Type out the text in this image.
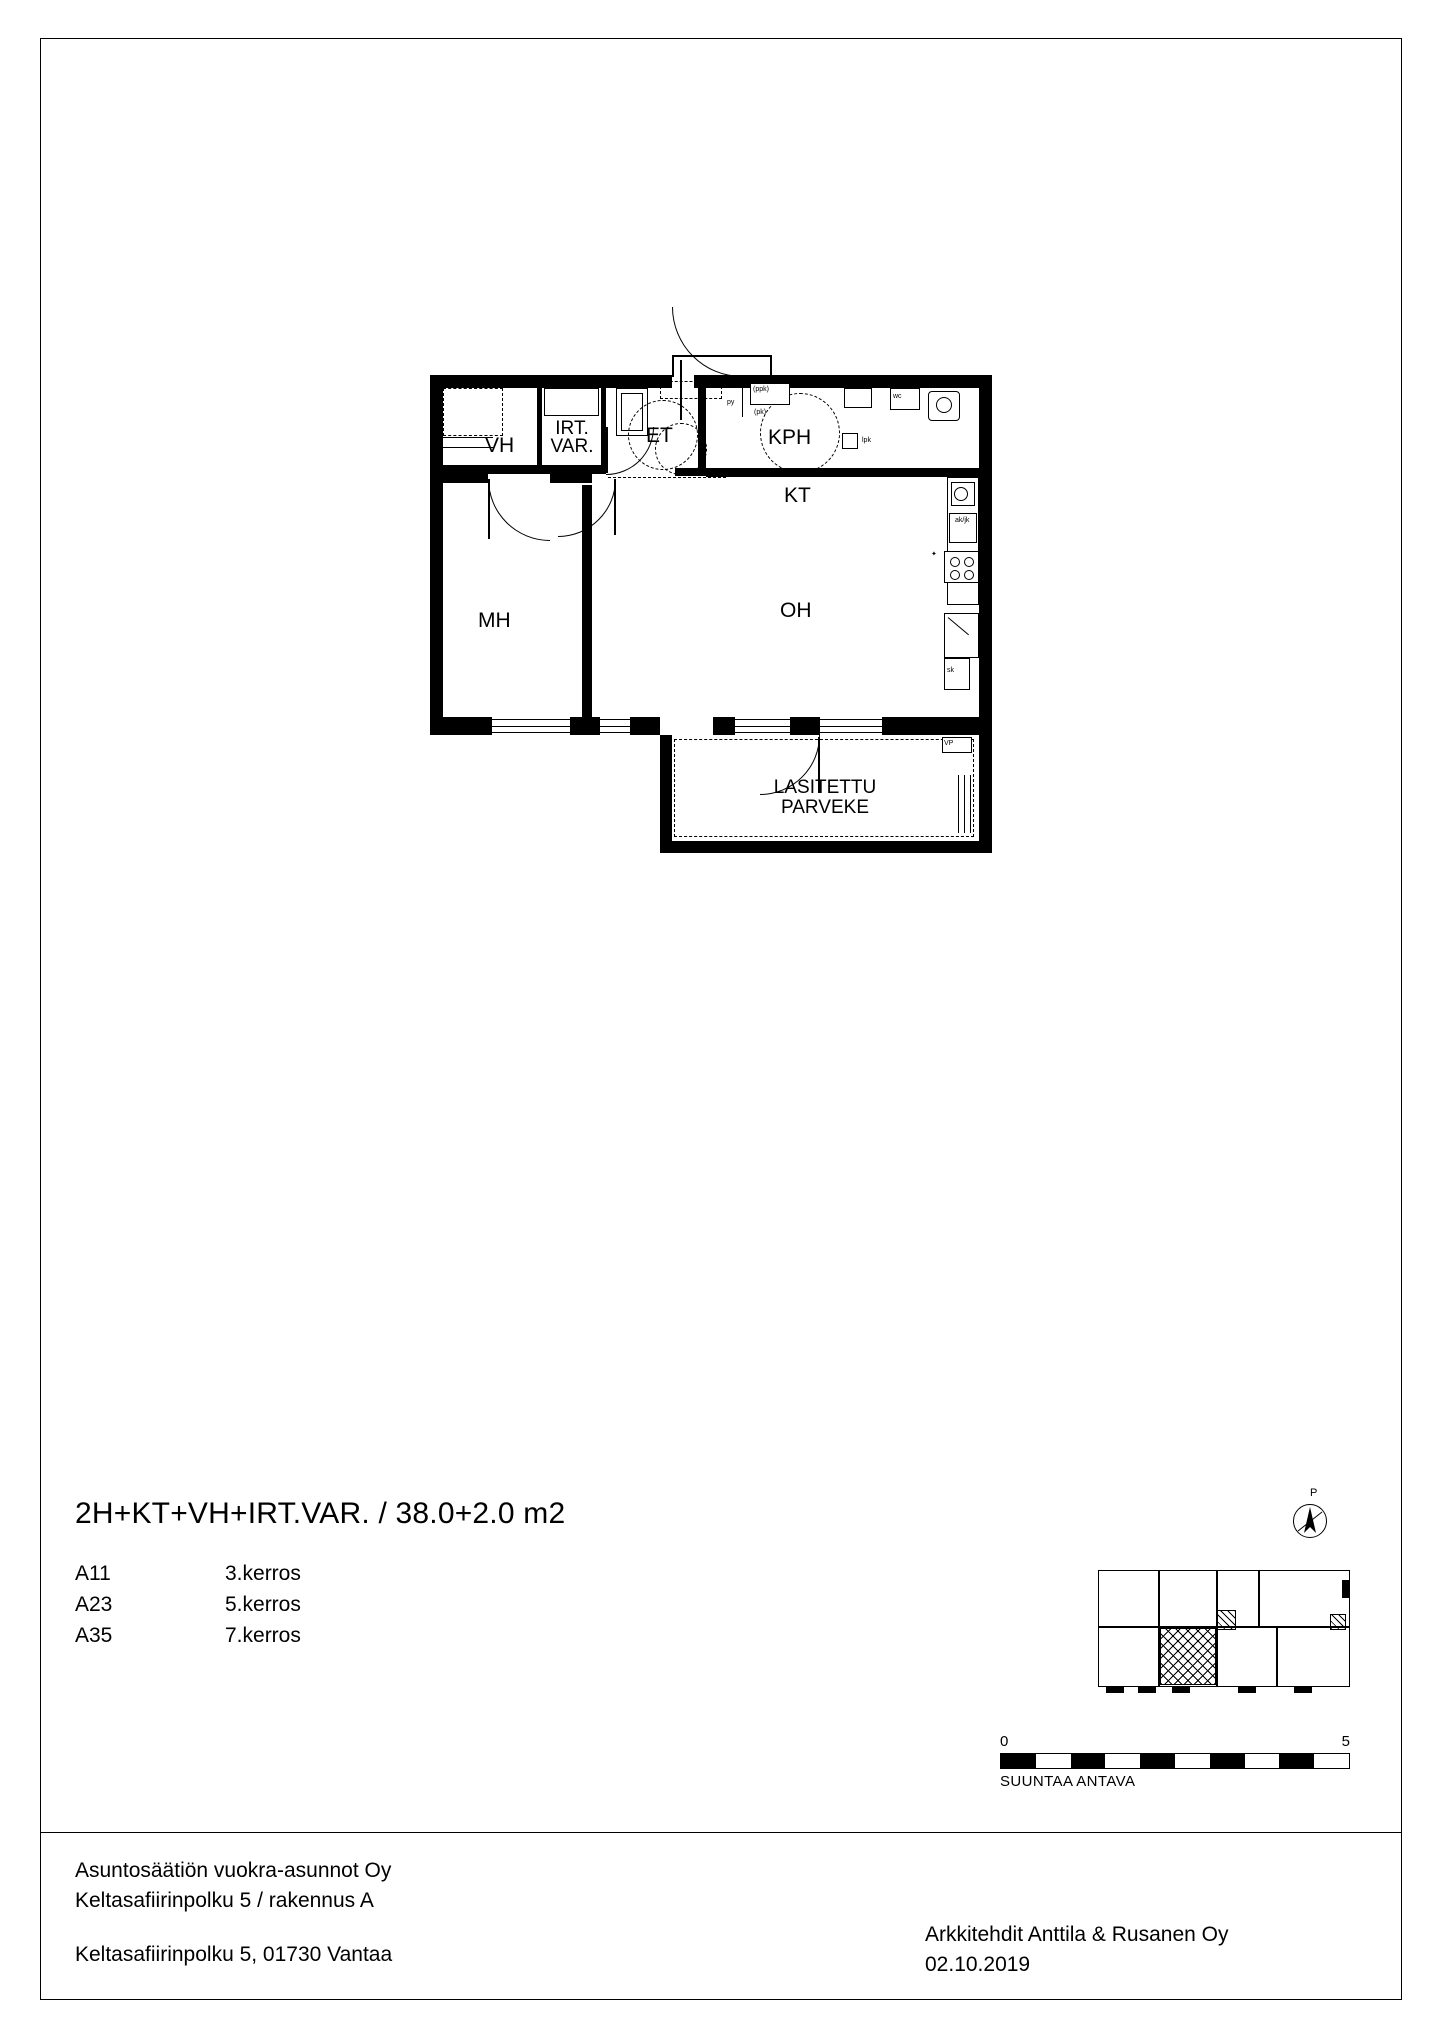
VH
IRT.
VAR.	ET	KPH
wc
lpk
(ppk)
(pk)
py
KT
ak/jk
✦
sk
OH
MH
LASITETTU
PARVEKE
VP
2H+KT+VH+IRT.VAR. / 38.0+2.0 m2
A11	3.kerros
A23	5.kerros
A35	7.kerros
P
0	5
SUUNTAA ANTAVA
Asuntosäätiön vuokra-asunnot Oy
Keltasafiirinpolku 5 / rakennus A
Keltasafiirinpolku 5, 01730 Vantaa
Arkkitehdit Anttila & Rusanen Oy
02.10.2019
